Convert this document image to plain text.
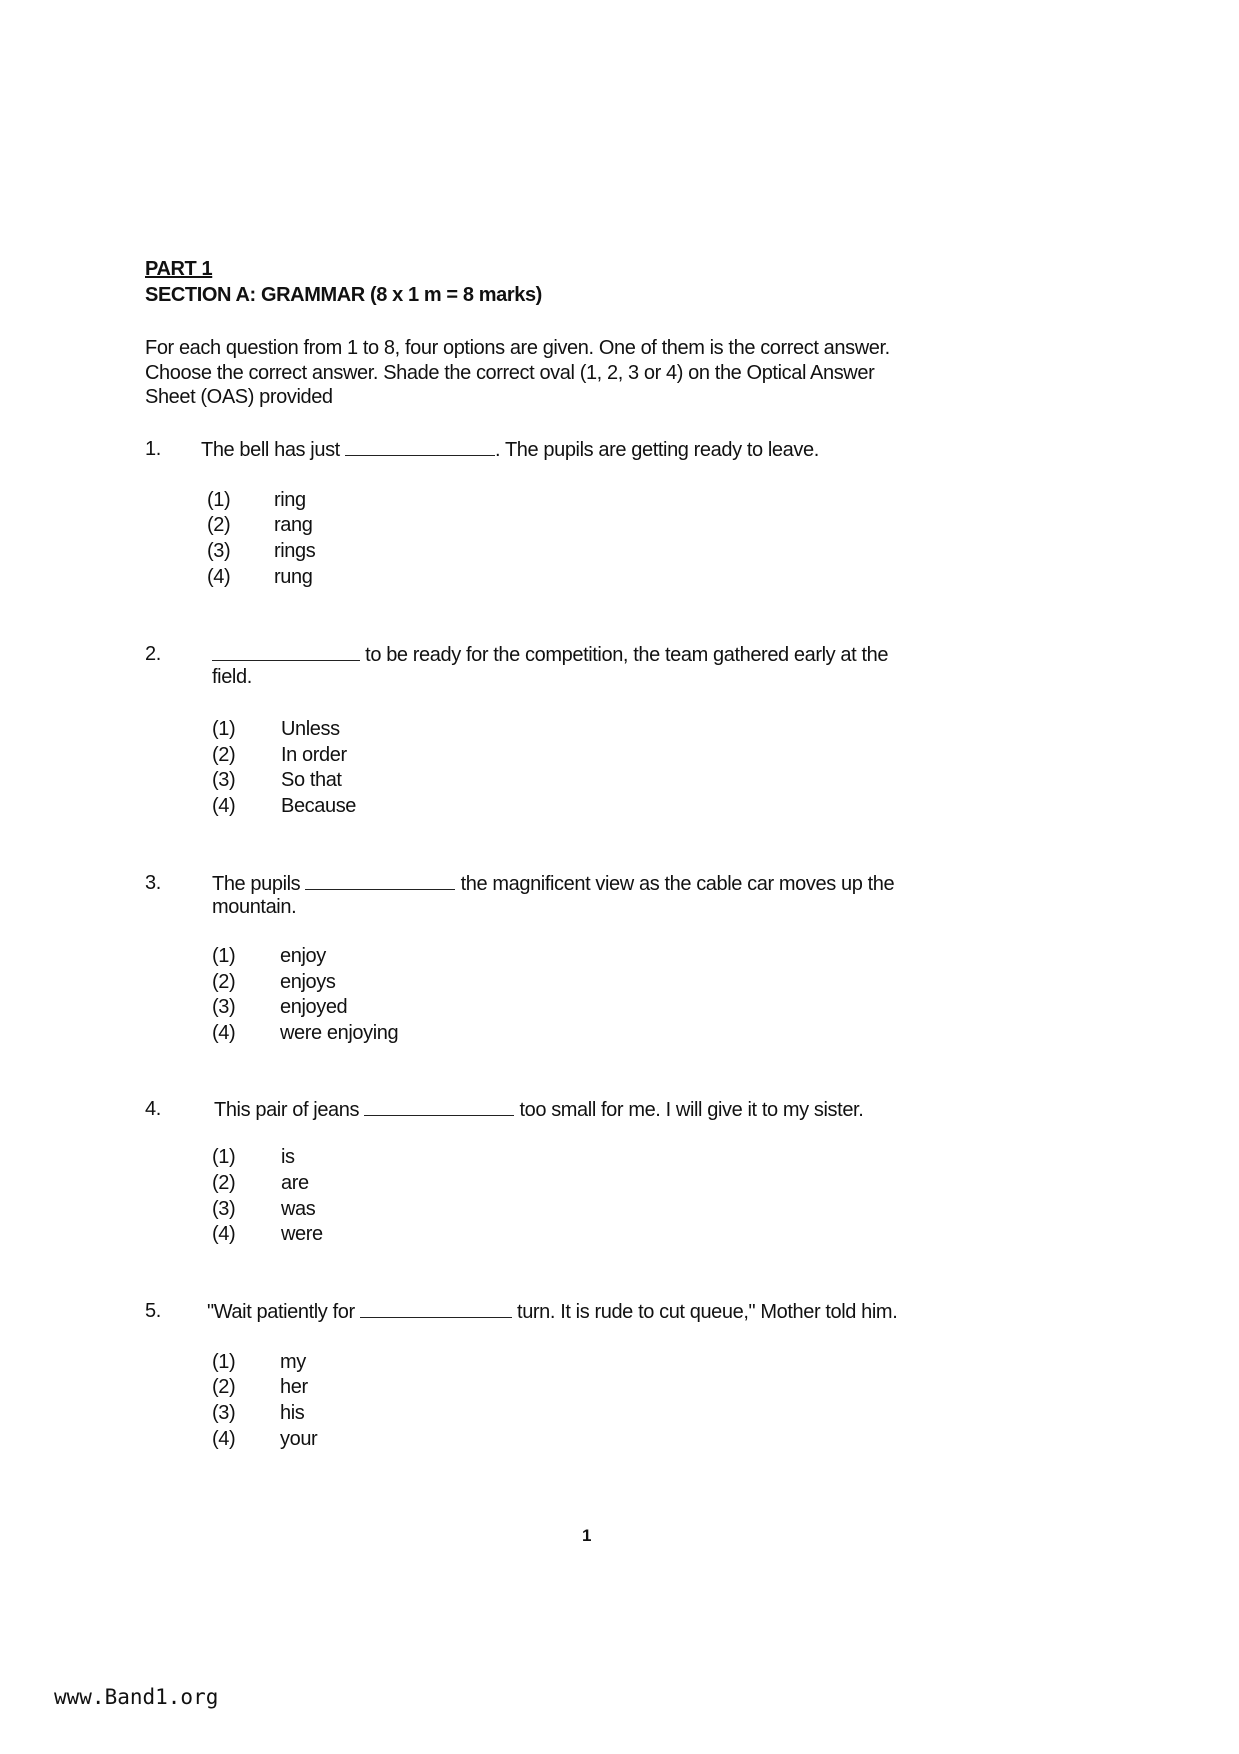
PART 1
SECTION A: GRAMMAR (8 x 1 m = 8 marks)
For each question from 1 to 8, four options are given. One of them is the correct answer.
Choose the correct answer. Shade the correct oval (1, 2, 3 or 4) on the Optical Answer
Sheet (OAS) provided
1. The bell has just	. The pupils are getting ready to leave.
(1) ring
(2) rang
(3) rings
(4) rung
2.	to be ready for the competition, the team gathered early at the
field.
(1) Unless
(2) In order
(3) So that
(4) Because
3.	The pupils	the magnificent view as the cable car moves up the
mountain.
(1) enjoy
(2) enjoys
(3) enjoyed
(4) were enjoying
4.	This pair of jeans	too small for me. I will give it to my sister.
(1) is
(2) are
(3) was
(4) were
5. "Wait patiently for	turn. It is rude to cut queue," Mother told him.
(1) my
(2) her
(3) his
(4) your
1
www.Band1.org
